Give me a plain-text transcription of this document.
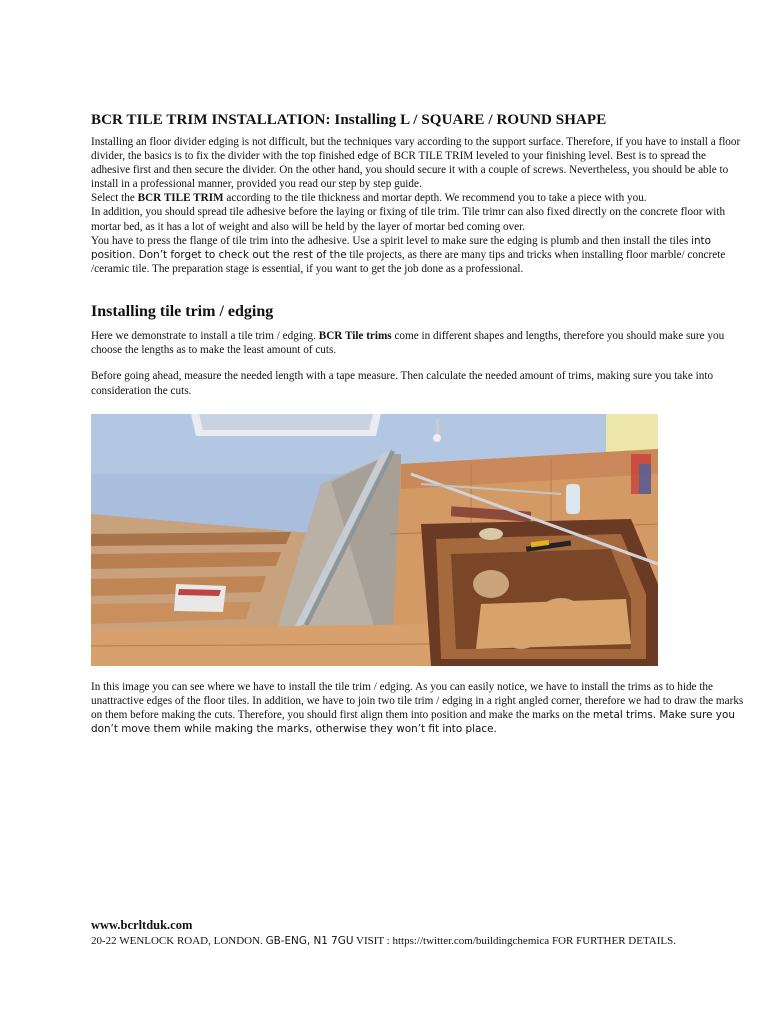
BCR TILE TRIM INSTALLATION: Installing L / SQUARE / ROUND SHAPE

Installing an floor divider edging is not difficult, but the techniques vary according to the support surface. Therefore, if you have to install a floor divider, the basics is to fix the divider with the top finished edge of BCR TILE TRIM leveled to your finishing level. Best is to spread the adhesive first and then secure the divider. On the other hand, you should secure it with a couple of screws. Nevertheless, you should be able to install in a professional manner, provided you read our step by step guide.

Select the BCR TILE TRIM according to the tile thickness and mortar depth. We recommend you to take a piece with you.

In addition, you should spread tile adhesive before the laying or fixing of tile trim. Tile trimr can also fixed directly on the concrete floor with mortar bed, as it has a lot of weight and also will be held by the layer of mortar bed coming over.

You have to press the flange of tile trim into the adhesive. Use a spirit level to make sure the edging is plumb and then install the tiles into position. Don’t forget to check out the rest of the tile projects, as there are many tips and tricks when installing floor marble/ concrete /ceramic tile. The preparation stage is essential, if you want to get the job done as a professional.

Installing tile trim / edging

Here we demonstrate to install a tile trim / edging. BCR Tile trims come in different shapes and lengths, therefore you should make sure you choose the lengths as to make the least amount of cuts.

Before going ahead, measure the needed length with a tape measure. Then calculate the needed amount of trims, making sure you take into consideration the cuts.

In this image you can see where we have to install the tile trim / edging. As you can easily notice, we have to install the trims as to hide the unattractive edges of the floor tiles. In addition, we have to join two tile trim / edging in a right angled corner, therefore we had to draw the marks on them before making the cuts. Therefore, you should first align them into position and make the marks on the metal trims. Make sure you don’t move them while making the marks, otherwise they won’t fit into place.

www.bcrltduk.com
20-22 WENLOCK ROAD, LONDON. GB-ENG, N1 7GU VISIT : https://twitter.com/buildingchemica FOR FURTHER DETAILS.
